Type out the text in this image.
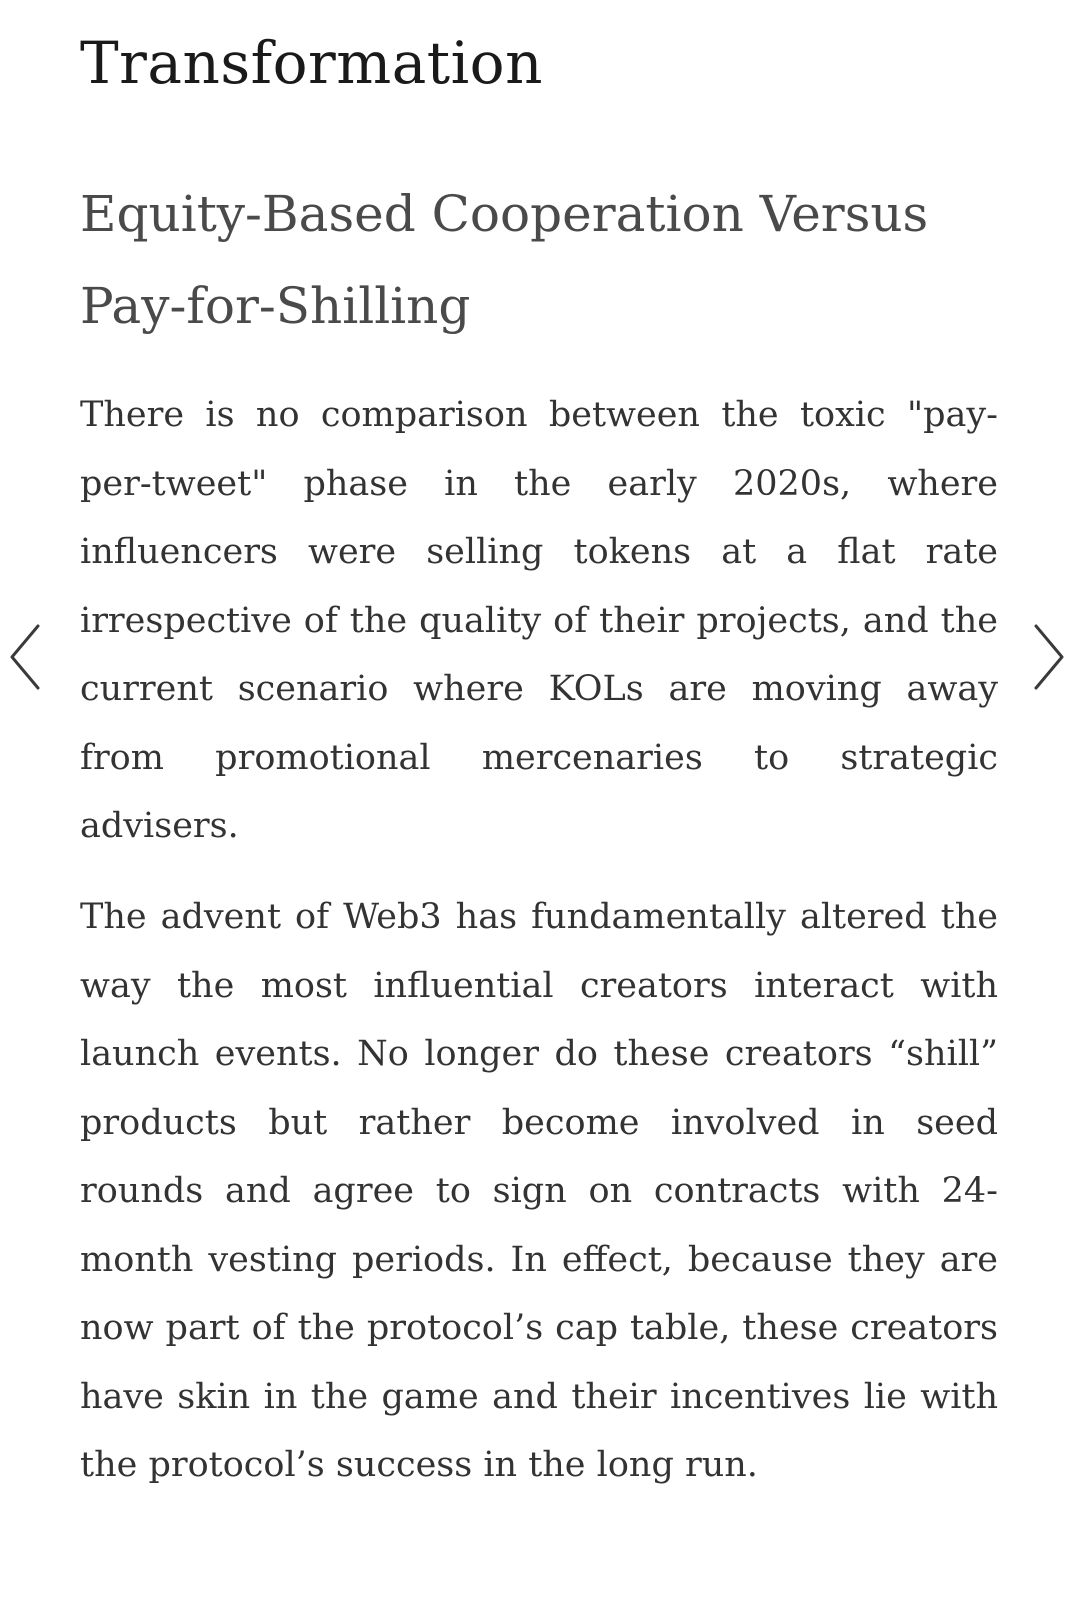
Transformation
Equity-Based Cooperation Versus Pay-for-Shilling

There is no comparison between the toxic "pay-per-tweet" phase in the early 2020s, where influencers were selling tokens at a flat rate irrespective of the quality of their projects, and the current scenario where KOLs are moving away from promotional mercenaries to strategic advisers.

The advent of Web3 has fundamentally altered the way the most influential creators interact with launch events. No longer do these creators “shill” products but rather become involved in seed rounds and agree to sign on contracts with 24-month vesting periods. In effect, because they are now part of the protocol’s cap table, these creators have skin in the game and their incentives lie with the protocol’s success in the long run.
